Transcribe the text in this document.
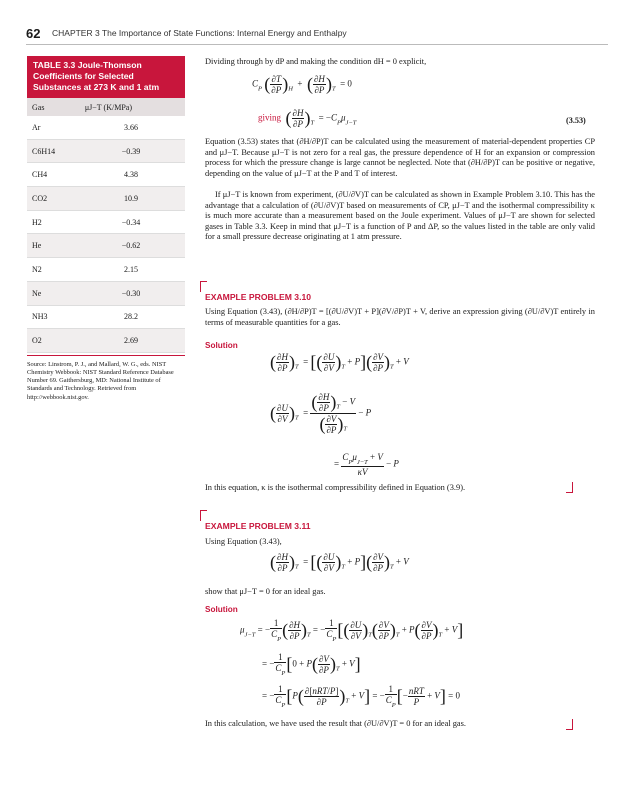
62 CHAPTER 3 The Importance of State Functions: Internal Energy and Enthalpy
TABLE 3.3 Joule-Thomson Coefficients for Selected Substances at 273 K and 1 atm
Gas	μJ−T (K/MPa)
Ar	3.66
C6H14	−0.39
CH4	4.38
CO2	10.9
H2	−0.34
He	−0.62
N2	2.15
Ne	−0.30
NH3	28.2
O2	2.69
Source: Linstrom, P. J., and Mallard, W. G., eds. NIST Chemistry Webbook: NIST Standard Reference Database Number 69. Gaithersburg, MD: National Institute of Standards and Technology. Retrieved from http://webbook.nist.gov.
Dividing through by dP and making the condition dH = 0 explicit,
$C_P$ ( $\frac{\partial T}{\partial P} )_H$  +  ( $\frac{\partial H}{\partial P} )_T = 0$
giving ( $\frac{\partial H}{\partial P} )_T = -C_P\mu_{J-T}$	(3.53)
Equation (3.53) states that (∂H/∂P)T can be calculated using the measurement of material-dependent properties CP and μJ−T. Because μJ−T is not zero for a real gas, the pressure dependence of H for an expansion or compression process for which the pressure change is large cannot be neglected. Note that (∂H/∂P)T can be positive or negative, depending on the value of μJ−T at the P and T of interest.
If μJ−T is known from experiment, (∂U/∂V)T can be calculated as shown in Example Problem 3.10. This has the advantage that a calculation of (∂U/∂V)T based on measurements of CP, μJ−T and the isothermal compressibility κ is much more accurate than a measurement based on the Joule experiment. Values of μJ−T are shown for selected gases in Table 3.3. Keep in mind that μJ−T is a function of P and ΔP, so the values listed in the table are only valid for a small pressure decrease originating at 1 atm pressure.
EXAMPLE PROBLEM 3.10
Using Equation (3.43), (∂H/∂P)T = [(∂U/∂V)T + P](∂V/∂P)T + V, derive an expression giving (∂U/∂V)T entirely in terms of measurable quantities for a gas.
Solution
( $\frac{\partial H}{\partial P} )_T$  = [( $\frac{\partial U}{\partial V} )_T + P]( \frac{\partial V}{\partial P} )_T + V$
( $\frac{\partial U}{\partial V} )_T = \frac{( \frac{\partial H}{\partial P} )_T - V}{( \frac{\partial V}{\partial P} )_T} - P$
= $\frac{C_P\mu_{J-T} + V}{\kappa V} - P$
In this equation, κ is the isothermal compressibility defined in Equation (3.9).
EXAMPLE PROBLEM 3.11
Using Equation (3.43),
( $\frac{\partial H}{\partial P} )_T$  = [( $\frac{\partial U}{\partial V} )_T + P]( \frac{\partial V}{\partial P} )_T + V$
show that μJ−T = 0 for an ideal gas.
Solution
$\mu_{J-T}$ = − $\frac{1}{C_P}$ ( $\frac{\partial H}{\partial P} )_T$ = − $\frac{1}{C_P}$ [( $\frac{\partial U}{\partial V} )_T( \frac{\partial V}{\partial P} )_T + P( \frac{\partial V}{\partial P} )_T + V$]
= − $\frac{1}{C_P} [0 + P( \frac{\partial V}{\partial P} )_T + V]$
= − $\frac{1}{C_P} [P( \frac{\text{∂[nRT/P]}}{\partial P} )_T + V]$ = − $\frac{1}{C_P}$ [− $\frac{\text{nRT}}{P} + V] = 0$
In this calculation, we have used the result that (∂U/∂V)T = 0 for an ideal gas.
